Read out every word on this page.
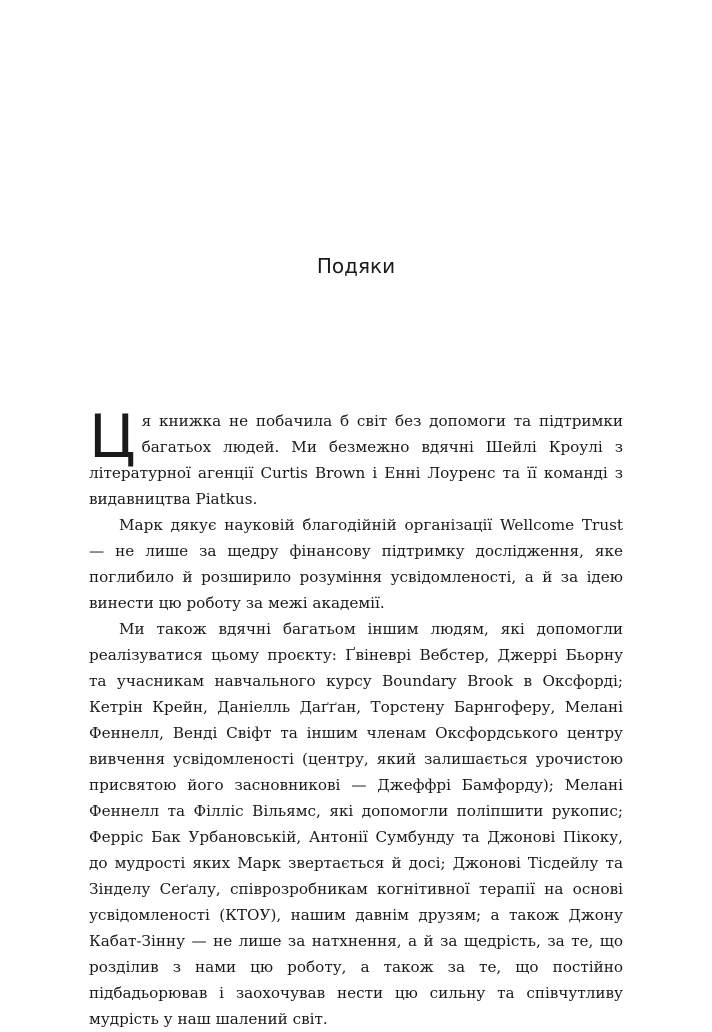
Подяки

Ця книжка не побачила б світ без допомоги та підтримки багатьох людей. Ми безмежно вдячні Шейлі Кроулі з літературної агенції Curtis Brown і Енні Лоуренс та її команді з видавництва Piatkus.

Марк дякує науковій благодійній організації Wellcome Trust — не лише за щедру фінансову підтримку дослідження, яке поглибило й розширило розуміння усвідомленості, а й за ідею винести цю роботу за межі академії.

Ми також вдячні багатьом іншим людям, які допомогли реалізуватися цьому проєкту: Ґвіневрі Вебстер, Джеррі Бьорну та учасникам навчального курсу Boundary Brook в Оксфорді; Кетрін Крейн, Даніелль Даґґан, Торстену Барнгоферу, Мелані Феннелл, Венді Свіфт та іншим членам Оксфордського центру вивчення усвідомленості (центру, який залишається урочистою присвятою його засновникові — Джеффрі Бамфорду); Мелані Феннелл та Філліс Вільямс, які допомогли поліпшити рукопис; Ферріс Бак Урбановській, Антонії Сумбунду та Джонові Пікоку, до мудрості яких Марк звертається й досі; Джонові Тісдейлу та Зінделу Сеґалу, співрозробникам когнітивної терапії на основі усвідомленості (КТОУ), нашим давнім друзям; а також Джону Кабат-Зінну — не лише за натхнення, а й за щедрість, за те, що розділив з нами цю роботу, а також за те, що постійно підбадьорював і заохочував нести цю сильну та співчутливу мудрість у наш шалений світ.
